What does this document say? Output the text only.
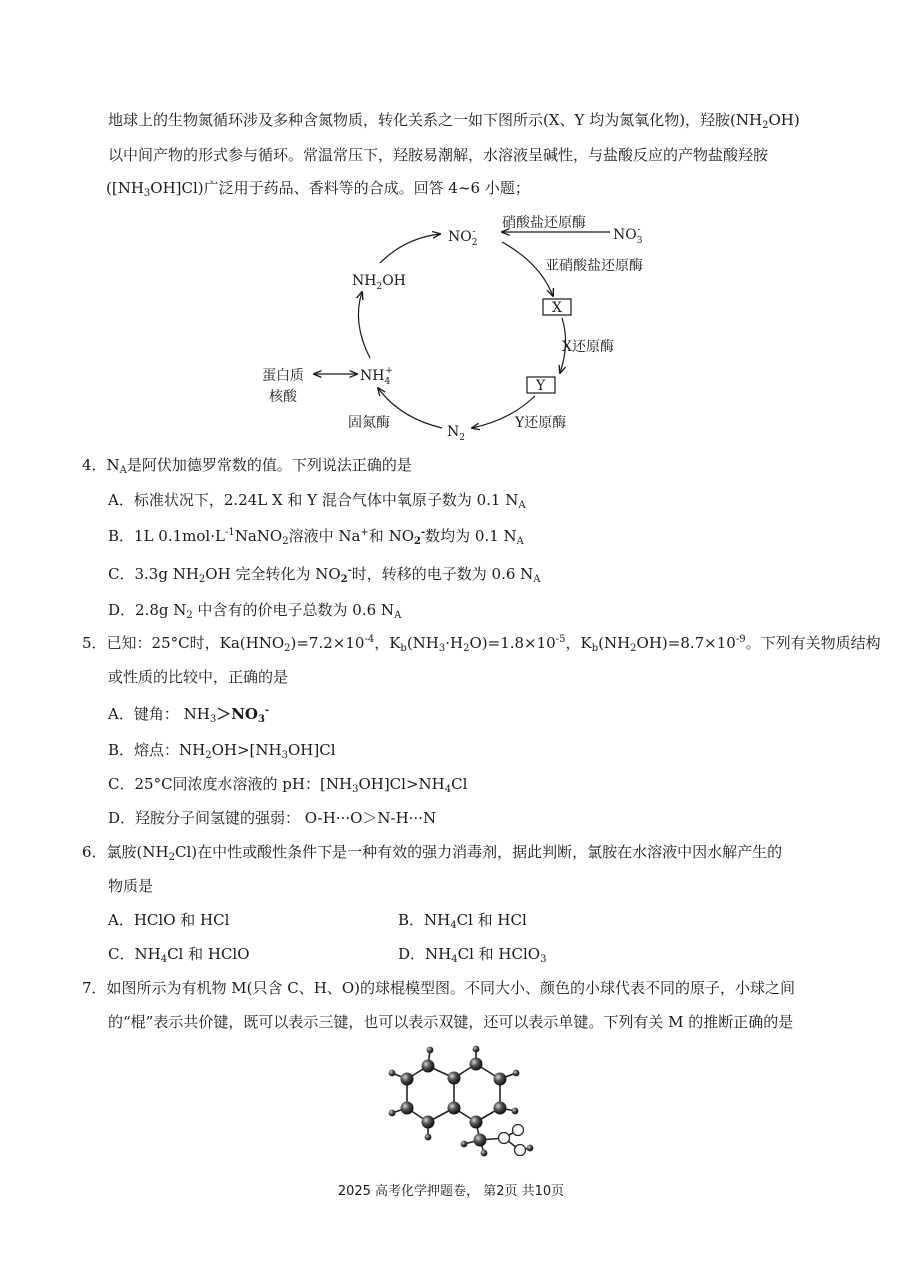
地球上的生物氮循环涉及多种含氮物质，转化关系之一如下图所示(X、Y 均为氮氧化物)，羟胺$(NH_2OH)$
以中间产物的形式参与循环。常温常压下，羟胺易潮解，水溶液呈碱性，与盐酸反应的产物盐酸羟胺
$([NH_3OH]Cl)$广泛用于药品、香料等的合成。回答 4~6 小题；
硝酸盐还原酶
$NO_3-$
$NO_2-$
亚硝酸盐还原酶
X
X还原酶
Y
Y还原酶
$N_2$
固氮酶
$NH_4+$
蛋白质
核酸
$NH_2OH$
4．$N_A$是阿伏加德罗常数的值。下列说法正确的是
A．标准状况下，2.24L X 和 Y 混合气体中氧原子数为 0.1 $N_A$
B．1L $0.1mol\cdot L^{-1}NaNO_2$溶液中 Na+和 $NO_2^-$数均为 0.1 $N_A$
C．3.3g $NH_2OH$ 完全转化为 $NO_2^-$时，转移的电子数为 0.6 $N_A$
D．2.8g $N_2$ 中含有的价电子总数为 0.6 $N_A$
5．已知：25°C时，$Ka(HNO_2)=7.2\times 10^{-4}$，$K_b(NH_3\cdot H_2O)=1.8\times 10^{-5}$，$K_b(NH_2OH)=8.7\times 10^{-9}$。下列有关物质结构
或性质的比较中，正确的是
A．键角： $NH_3>NO_3^-$
B．熔点：$NH_2OH>[NH_3OH]Cl$
C．25°C同浓度水溶液的 pH：$[NH_3OH]Cl>NH_4Cl$
D．羟胺分子间氢键的强弱： O-H···O＞N-H···N
6．氯胺$(NH_2Cl)$在中性或酸性条件下是一种有效的强力消毒剂，据此判断，氯胺在水溶液中因水解产生的
物质是
A．HClO 和 HCl	B．$NH_4Cl$ 和 HCl
C．$NH_4Cl$ 和 HClO	D．$NH_4Cl$ 和 HClO$_3$
7．如图所示为有机物 M(只含 C、H、O)的球棍模型图。不同大小、颜色的小球代表不同的原子，小球之间
的“棍”表示共价键，既可以表示三键，也可以表示双键，还可以表示单键。下列有关 M 的推断正确的是
2025 高考化学押题卷， 第2页 共10页
